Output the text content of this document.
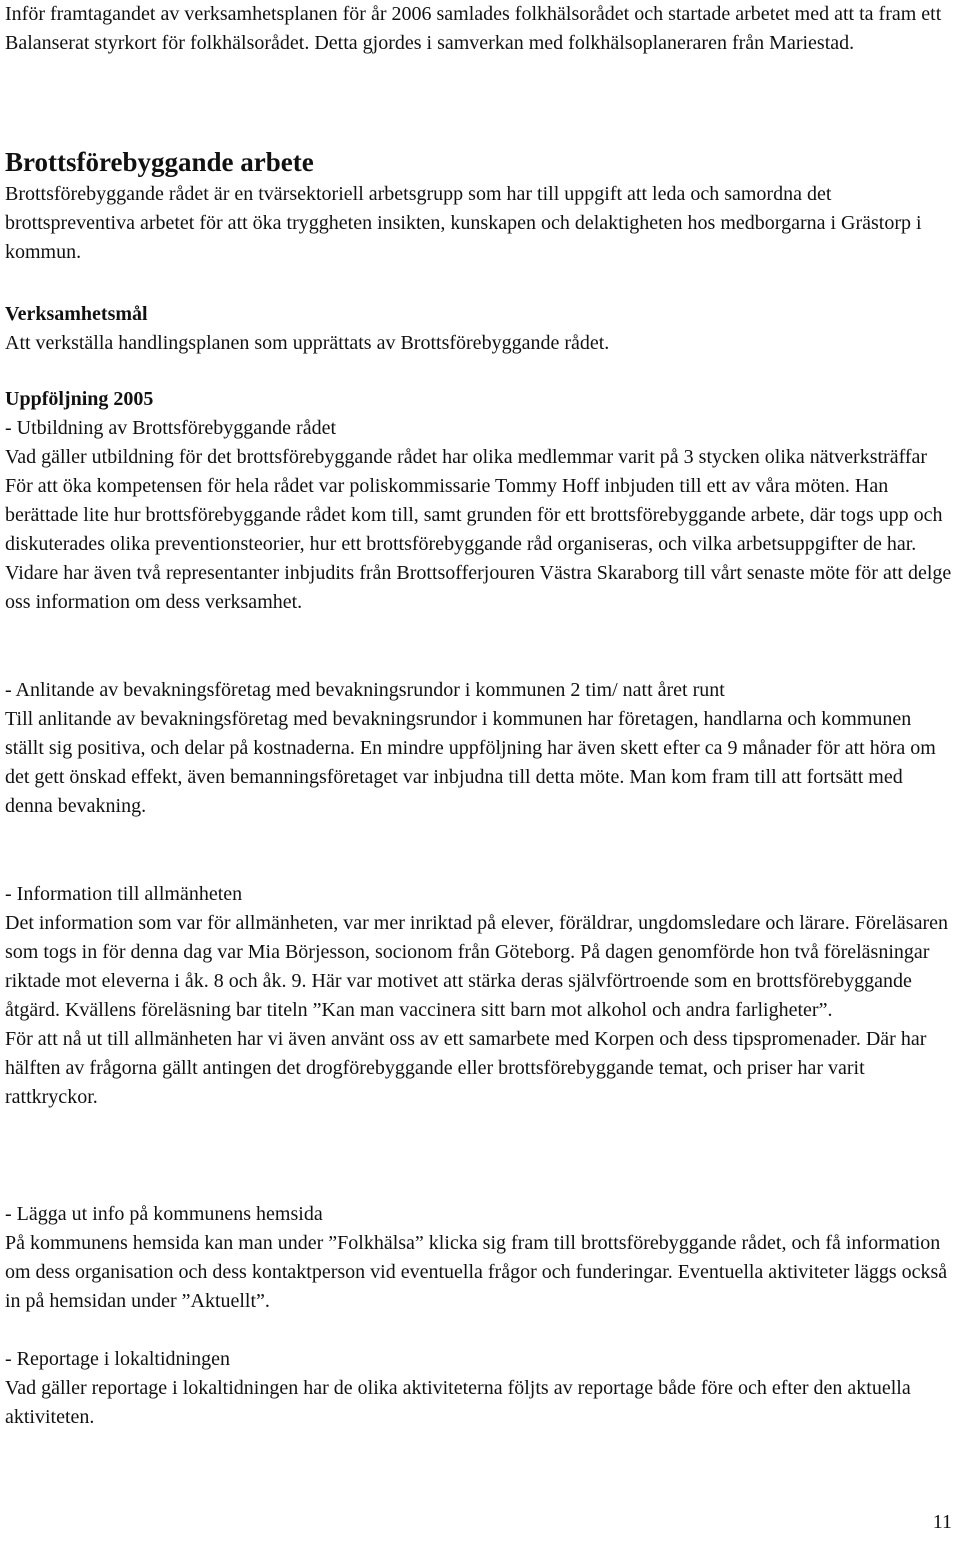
Inför framtagandet av verksamhetsplanen för år 2006 samlades folkhälsorådet och startade arbetet med att ta fram ett Balanserat styrkort för folkhälsorådet. Detta gjordes i samverkan med folkhälsoplaneraren från Mariestad.

Brottsförebyggande arbete

Brottsförebyggande rådet är en tvärsektoriell arbetsgrupp som har till uppgift att leda och samordna det brottspreventiva arbetet för att öka tryggheten insikten, kunskapen och delaktigheten hos medborgarna i Grästorp i kommun.

Verksamhetsmål

Att verkställa handlingsplanen som upprättats av Brottsförebyggande rådet.

Uppföljning 2005
- Utbildning av Brottsförebyggande rådet

Vad gäller utbildning för det brottsförebyggande rådet har olika medlemmar varit på 3 stycken olika nätverksträffar För att öka kompetensen för hela rådet var poliskommissarie Tommy Hoff inbjuden till ett av våra möten. Han berättade lite hur brottsförebyggande rådet kom till, samt grunden för ett brottsförebyggande arbete, där togs upp och diskuterades olika preventionsteorier, hur ett brottsförebyggande råd organiseras, och vilka arbetsuppgifter de har. Vidare har även två representanter inbjudits från Brottsofferjouren Västra Skaraborg till vårt senaste möte för att delge oss information om dess verksamhet.

- Anlitande av bevakningsföretag med bevakningsrundor i kommunen 2 tim/ natt året runt

Till anlitande av bevakningsföretag med bevakningsrundor i kommunen har företagen, handlarna och kommunen ställt sig positiva, och delar på kostnaderna. En mindre uppföljning har även skett efter ca 9 månader för att höra om det gett önskad effekt, även bemanningsföretaget var inbjudna till detta möte. Man kom fram till att fortsätt med denna bevakning.

- Information till allmänheten

Det information som var för allmänheten, var mer inriktad på elever, föräldrar, ungdomsledare och lärare. Föreläsaren som togs in för denna dag var Mia Börjesson, socionom från Göteborg. På dagen genomförde hon två föreläsningar riktade mot eleverna i åk. 8 och åk. 9. Här var motivet att stärka deras självförtroende som en brottsförebyggande åtgärd. Kvällens föreläsning bar titeln ”Kan man vaccinera sitt barn mot alkohol och andra farligheter”.

För att nå ut till allmänheten har vi även använt oss av ett samarbete med Korpen och dess tipspromenader. Där har hälften av frågorna gällt antingen det drogförebyggande eller brottsförebyggande temat, och priser har varit rattkryckor.

- Lägga ut info på kommunens hemsida

På kommunens hemsida kan man under ”Folkhälsa” klicka sig fram till brottsförebyggande rådet, och få information om dess organisation och dess kontaktperson vid eventuella frågor och funderingar. Eventuella aktiviteter läggs också in på hemsidan under ”Aktuellt”.

- Reportage i lokaltidningen

Vad gäller reportage i lokaltidningen har de olika aktiviteterna följts av reportage både före och efter den aktuella aktiviteten.

11
